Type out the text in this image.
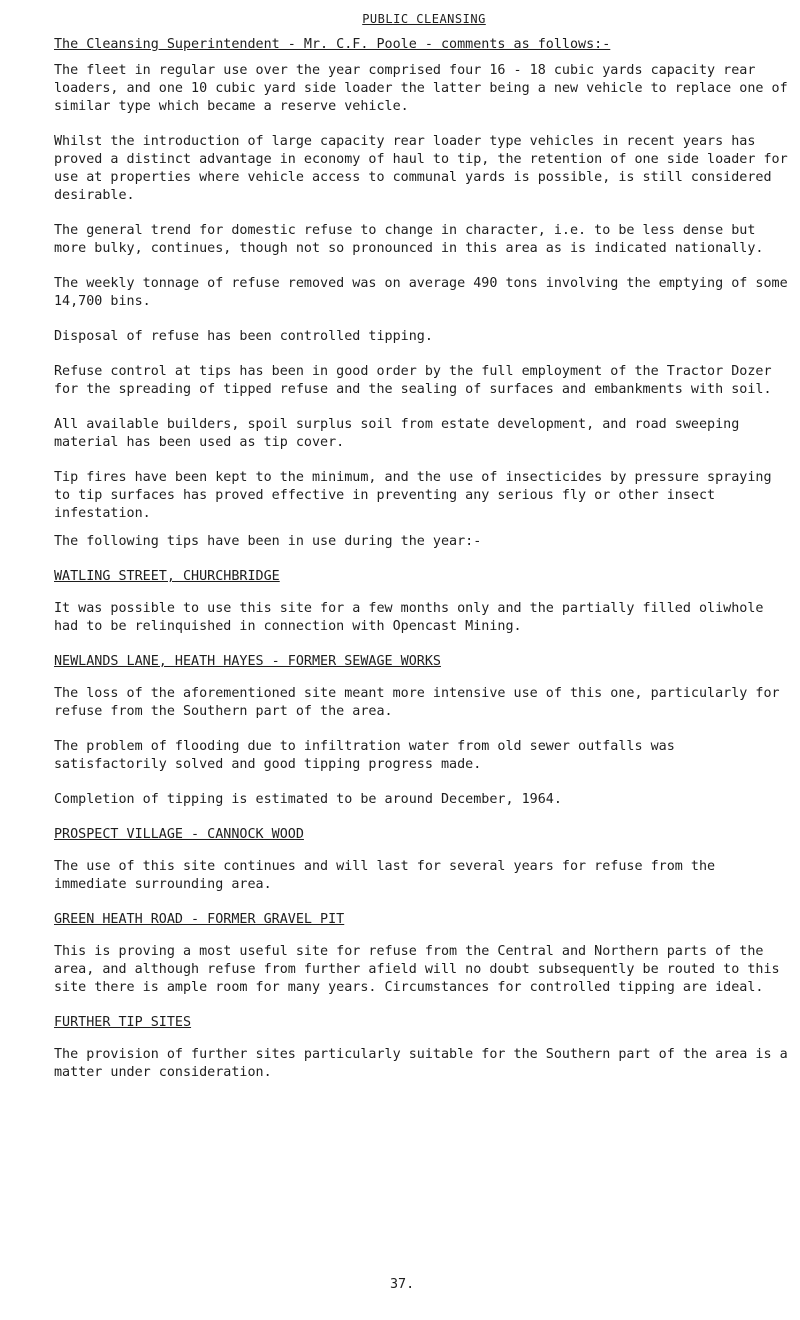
PUBLIC CLEANSING
The Cleansing Superintendent - Mr. C.F. Poole - comments as follows:-

The fleet in regular use over the year comprised four 16 - 18 cubic yards capacity rear loaders, and one 10 cubic yard side loader the latter being a new vehicle to replace one of similar type which became a reserve vehicle.

Whilst the introduction of large capacity rear loader type vehicles in recent years has proved a distinct advantage in economy of haul to tip, the retention of one side loader for use at properties where vehicle access to communal yards is possible, is still considered desirable.

The general trend for domestic refuse to change in character, i.e. to be less dense but more bulky, continues, though not so pronounced in this area as is indicated nationally.

The weekly tonnage of refuse removed was on average 490 tons involving the emptying of some 14,700 bins.

Disposal of refuse has been controlled tipping.

Refuse control at tips has been in good order by the full employment of the Tractor Dozer for the spreading of tipped refuse and the sealing of surfaces and embankments with soil.

All available builders, spoil surplus soil from estate development, and road sweeping material has been used as tip cover.

Tip fires have been kept to the minimum, and the use of insecticides by pressure spraying to tip surfaces has proved effective in preventing any serious fly or other insect infestation.

The following tips have been in use during the year:-

WATLING STREET, CHURCHBRIDGE

It was possible to use this site for a few months only and the partially filled oliwhole had to be relinquished in connection with Opencast Mining.

NEWLANDS LANE, HEATH HAYES - FORMER SEWAGE WORKS

The loss of the aforementioned site meant more intensive use of this one, particularly for refuse from the Southern part of the area.

The problem of flooding due to infiltration water from old sewer outfalls was satisfactorily solved and good tipping progress made.

Completion of tipping is estimated to be around December, 1964.

PROSPECT VILLAGE - CANNOCK WOOD

The use of this site continues and will last for several years for refuse from the immediate surrounding area.

GREEN HEATH ROAD - FORMER GRAVEL PIT

This is proving a most useful site for refuse from the Central and Northern parts of the area, and although refuse from further afield will no doubt subsequently be routed to this site there is ample room for many years. Circumstances for controlled tipping are ideal.

FURTHER TIP SITES

The provision of further sites particularly suitable for the Southern part of the area is a matter under consideration.

37.
